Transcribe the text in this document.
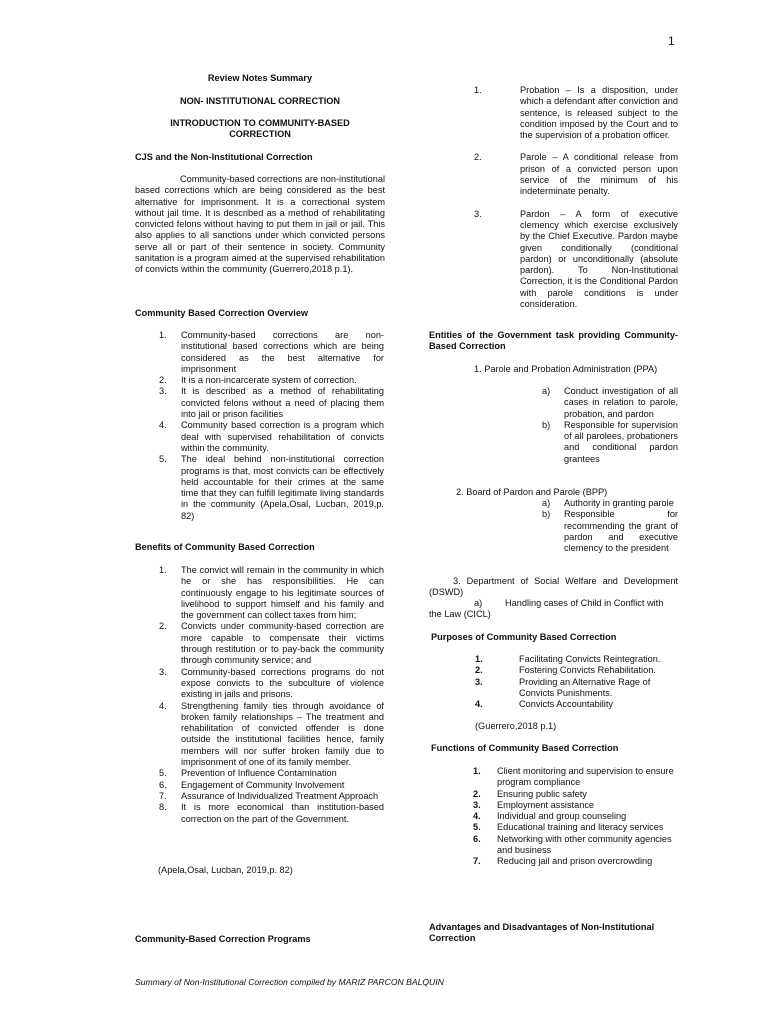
1
Review Notes Summary
NON- INSTITUTIONAL CORRECTION
INTRODUCTION TO COMMUNITY-BASED CORRECTION
CJS and the Non-Institutional Correction
Community-based corrections are non-institutional based corrections which are being considered as the best alternative for imprisonment. It is a correctional system without jail time. It is described as a method of rehabilitating convicted felons without having to put them in jail or jail. This also applies to all sanctions under which convicted persons serve all or part of their sentence in society. Community sanitation is a program aimed at the supervised rehabilitation of convicts within the community (Guerrero,2018 p.1).
Community Based Correction Overview
1. Community-based corrections are non-institutional based corrections which are being considered as the best alternative for imprisonment
2. It is a non-incarcerate system of correction.
3. It is described as a method of rehabilitating convicted felons without a need of placing them into jail or prison facilities
4. Community based correction is a program which deal with supervised rehabilitation of convicts within the community.
5. The ideal behind non-institutional correction programs is that, most convicts can be effectively held accountable for their crimes at the same time that they can fulfill legitimate living standards in the community (Apela,Osal, Lucban, 2019,p. 82)
Benefits of Community Based Correction
1. The convict will remain in the community in which he or she has responsibilities. He can continuously engage to his legitimate sources of livelihood to support himself and his family and the government can collect taxes from him;
2. Convicts under community-based correction are more capable to compensate their victims through restitution or to pay-back the community through community service; and
3. Community-based corrections programs do not expose convicts to the subculture of violence existing in jails and prisons.
4. Strengthening family ties through avoidance of broken family relationships – The treatment and rehabilitation of convicted offender is done outside the institutional facilities hence, family members will nor suffer broken family due to imprisonment of one of its family member.
5. Prevention of Influence Contamination
6. Engagement of Community Involvement
7. Assurance of Individualized Treatment Approach
8. It is more economical than institution-based correction on the part of the Government.
(Apela,Osal, Lucban, 2019,p. 82)
Community-Based Correction Programs
1.	Probation – Is a disposition, under which a defendant after conviction and sentence, is released subject to the condition imposed by the Court and to the supervision of a probation officer.
2.	Parole – A conditional release from prison of a convicted person upon service of the minimum of his indeterminate penalty.
3.	Pardon – A form of executive clemency which exercise exclusively by the Chief Executive. Pardon maybe given conditionally (conditional pardon) or unconditionally (absolute pardon). To Non-Institutional Correction, it is the Conditional Pardon with parole conditions is under consideration.
Entities of the Government task providing Community-Based Correction
1. Parole and Probation Administration (PPA)
a) Conduct investigation of all cases in relation to parole, probation, and pardon
b) Responsible for supervision of all parolees, probationers and conditional pardon grantees
2. Board of Pardon and Parole (BPP)
a) Authority in granting parole
b) Responsible for recommending the grant of pardon and executive clemency to the president
3. Department of Social Welfare and Development (DSWD)
a)	Handling cases of Child in Conflict with the Law (CICL)
Purposes of Community Based Correction
1.	Facilitating Convicts Reintegration.
2.	Fostering Convicts Rehabilitation.
3.	Providing an Alternative Rage of Convicts Punishments.
4.	Convicts Accountability
(Guerrero,2018 p.1)
Functions of Community Based Correction
1. Client monitoring and supervision to ensure program compliance
2. Ensuring public safety
3. Employment assistance
4. Individual and group counseling
5. Educational training and literacy services
6. Networking with other community agencies and business
7. Reducing jail and prison overcrowding
Advantages and Disadvantages of Non-Institutional Correction
Summary of Non-Institutional Correction compiled by MARIZ PARCON BALQUIN
